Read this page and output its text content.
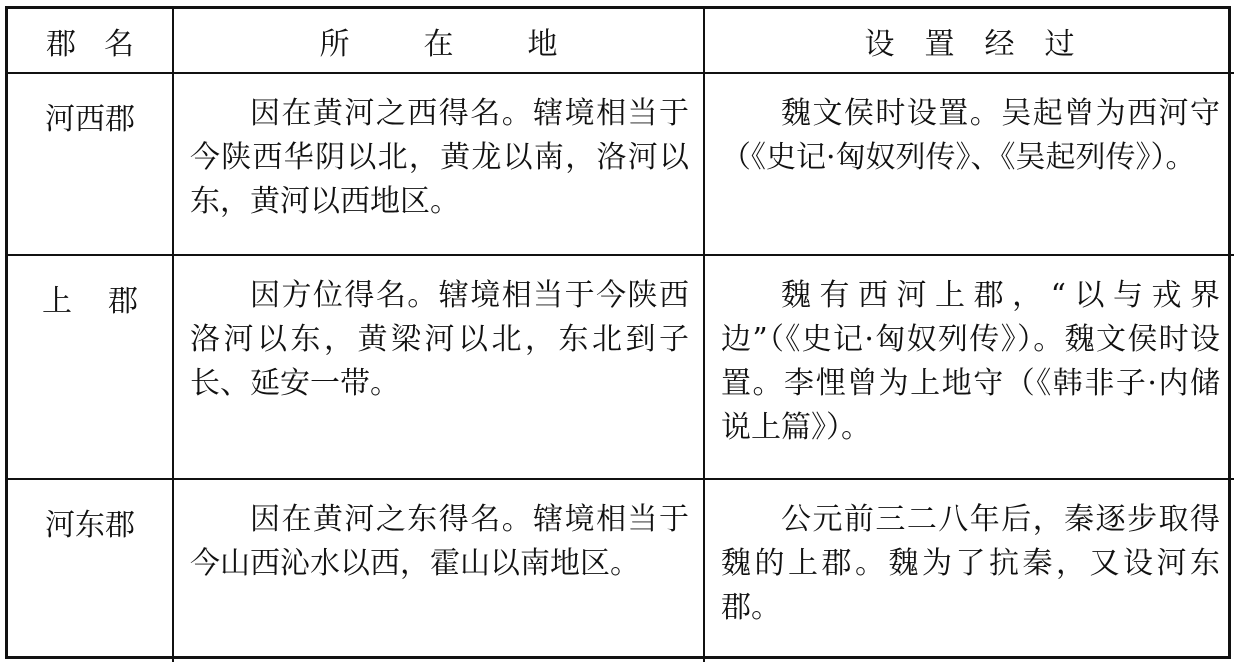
郡名	所在地	设置经过
河西郡	因在黄河之西得名。辖境相当于今陕西华阴以北，黄龙以南，洛河以东，黄河以西地区。	魏文侯时设置。吴起曾为西河守（《史记·匈奴列传》、《吴起列传》）。

上郡	因方位得名。辖境相当于今陕西洛河以东，黄梁河以北，东北到子长、延安一带。	魏有西河上郡，“以与戎界边”（《史记·匈奴列传》）。魏文侯时设置。李悝曾为上地守（《韩非子·内储说上篇》）。

河东郡	因在黄河之东得名。辖境相当于今山西沁水以西，霍山以南地区。	公元前三二八年后，秦逐步取得魏的上郡。魏为了抗秦，又设河东郡。
